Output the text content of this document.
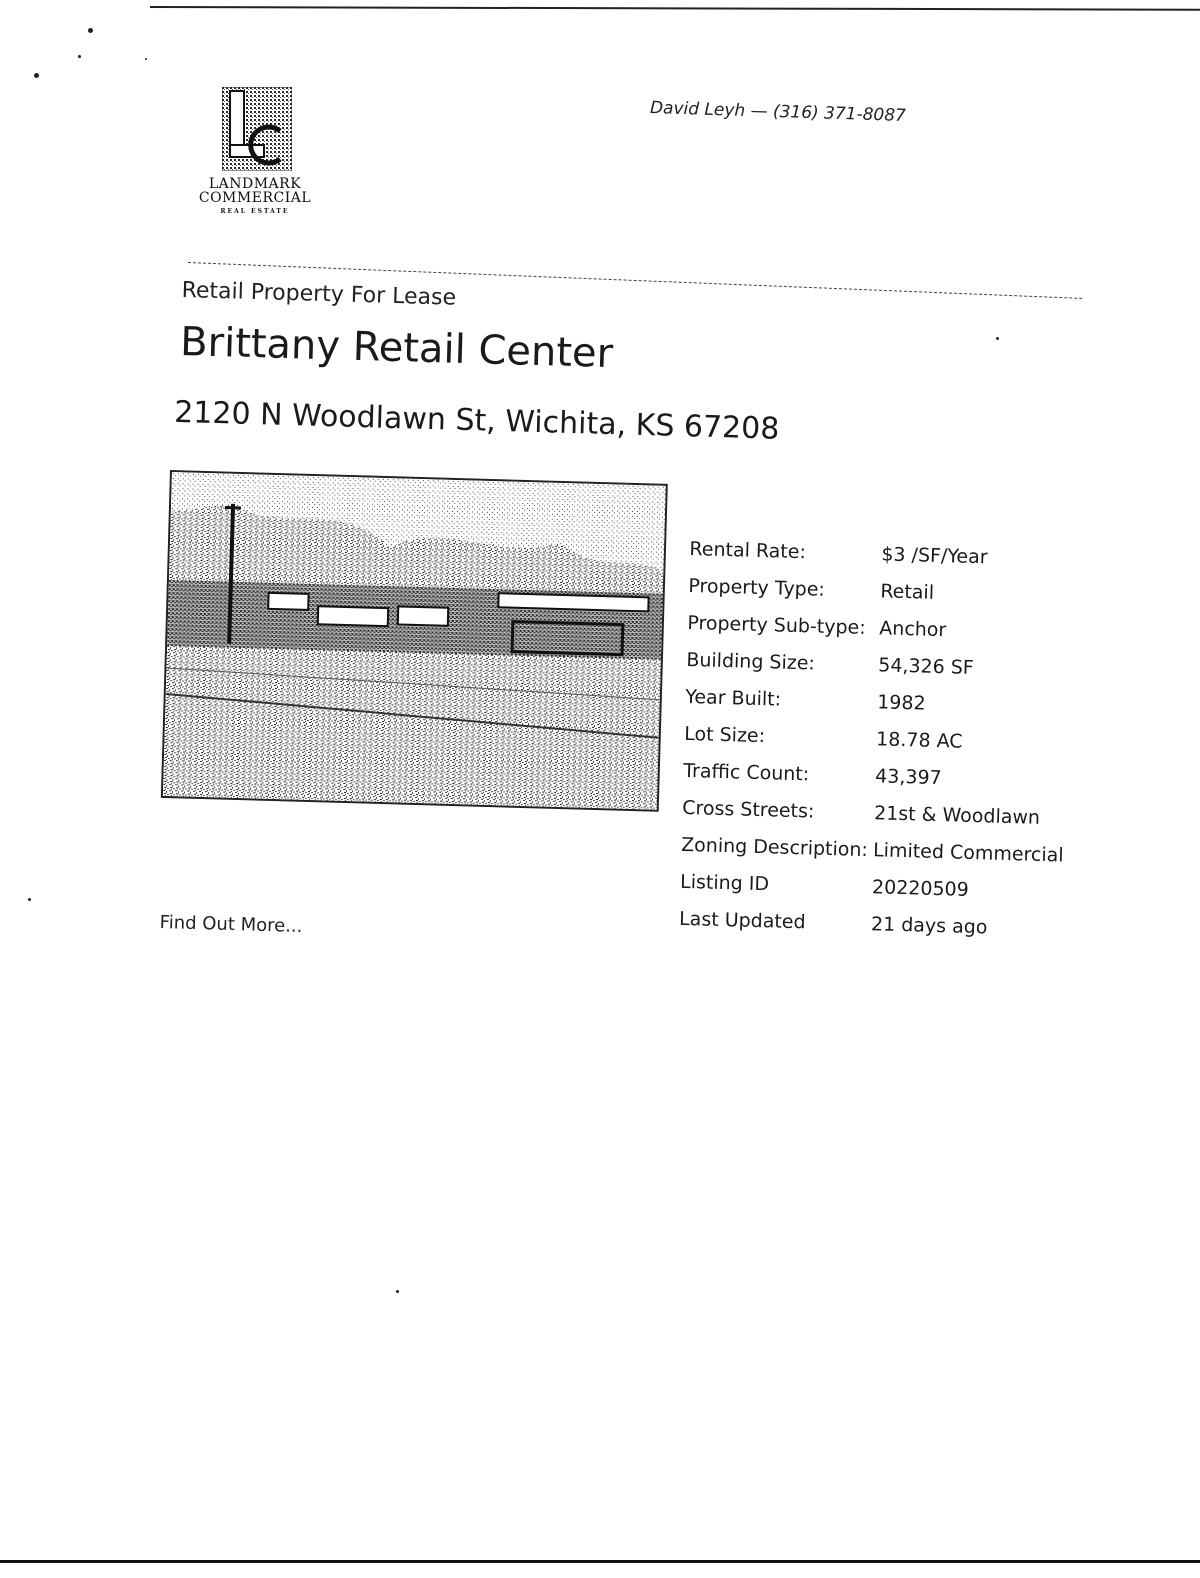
LANDMARK
COMMERCIAL
REAL ESTATE
David Leyh — (316) 371-8087

Retail Property For Lease

Brittany Retail Center

2120 N Woodlawn St, Wichita, KS 67208

Rental Rate:	$3 /SF/Year
Property Type:	Retail
Property Sub-type: Anchor
Building Size:	54,326 SF
Year Built:	1982
Lot Size:	18.78 AC
Traffic Count:	43,397
Cross Streets:	21st & Woodlawn
Zoning Description: Limited Commercial
Listing ID	20220509
Last Updated	21 days ago
Find Out More...
